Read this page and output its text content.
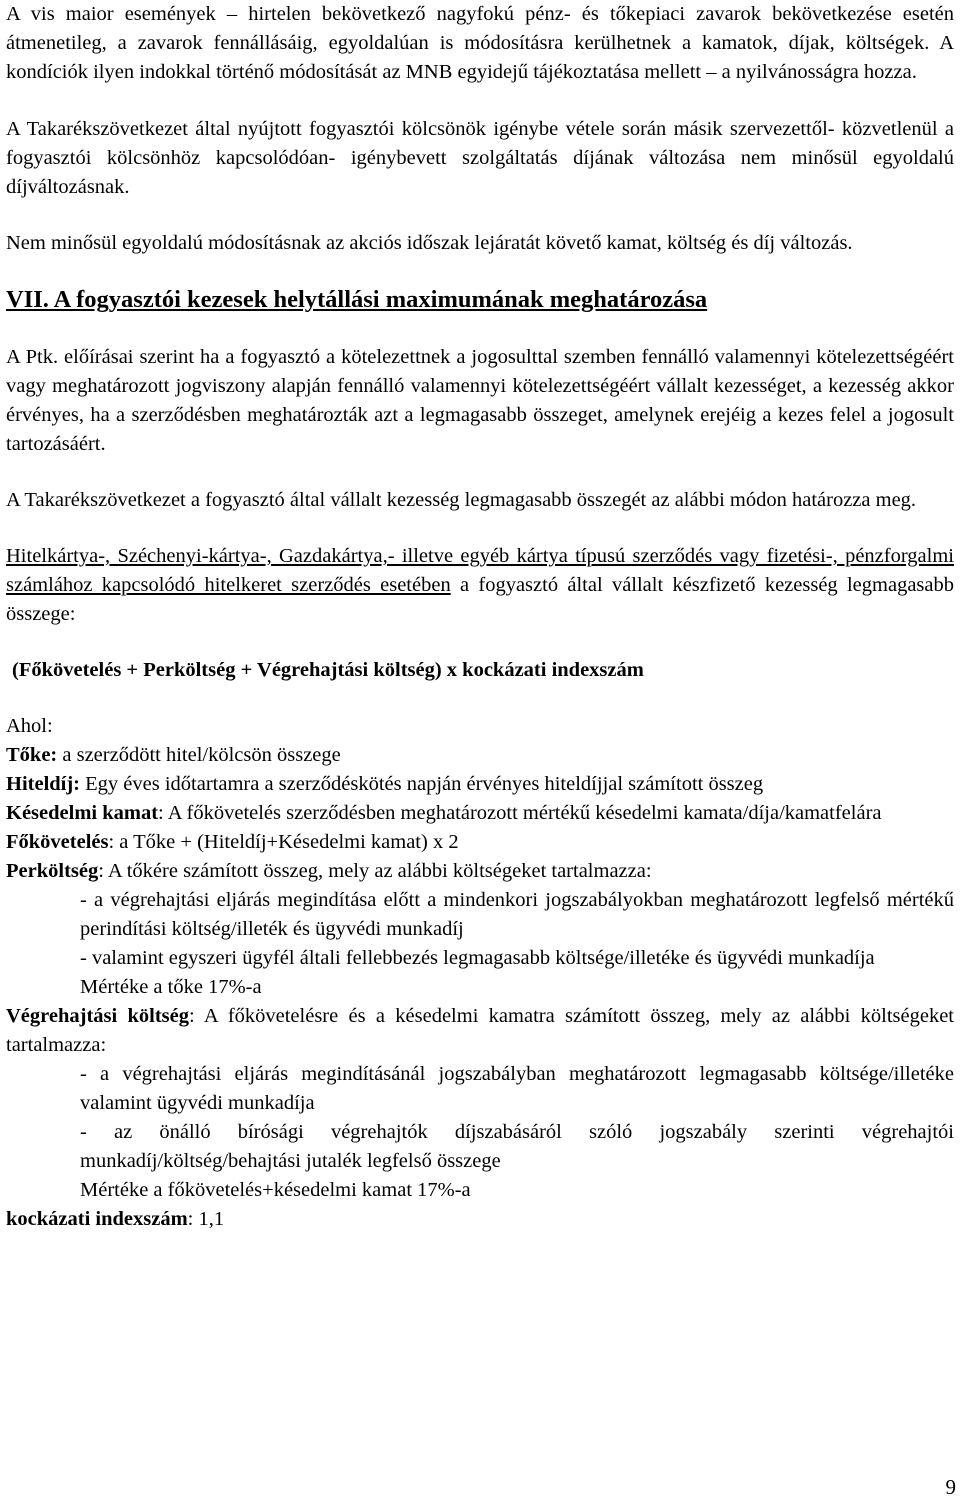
A vis maior események – hirtelen bekövetkező nagyfokú pénz- és tőkepiaci zavarok bekövetkezése esetén átmenetileg, a zavarok fennállásáig, egyoldalúan is módosításra kerülhetnek a kamatok, díjak, költségek. A kondíciók ilyen indokkal történő módosítását az MNB egyidejű tájékoztatása mellett – a nyilvánosságra hozza.

A Takarékszövetkezet által nyújtott fogyasztói kölcsönök igénybe vétele során másik szervezettől- közvetlenül a fogyasztói kölcsönhöz kapcsolódóan- igénybevett szolgáltatás díjának változása nem minősül egyoldalú díjváltozásnak.

Nem minősül egyoldalú módosításnak az akciós időszak lejáratát követő kamat, költség és díj változás.

VII. A fogyasztói kezesek helytállási maximumának meghatározása

A Ptk. előírásai szerint ha a fogyasztó a kötelezettnek a jogosulttal szemben fennálló valamennyi kötelezettségéért vagy meghatározott jogviszony alapján fennálló valamennyi kötelezettségéért vállalt kezességet, a kezesség akkor érvényes, ha a szerződésben meghatározták azt a legmagasabb összeget, amelynek erejéig a kezes felel a jogosult tartozásáért.

A Takarékszövetkezet a fogyasztó által vállalt kezesség legmagasabb összegét az alábbi módon határozza meg.

Hitelkártya-, Széchenyi-kártya-, Gazdakártya,- illetve egyéb kártya típusú szerződés vagy fizetési-, pénzforgalmi számlához kapcsolódó hitelkeret szerződés esetében a fogyasztó által vállalt készfizető kezesség legmagasabb összege:

(Főkövetelés + Perköltség + Végrehajtási költség) x kockázati indexszám

Ahol:

Tőke: a szerződött hitel/kölcsön összege

Hiteldíj: Egy éves időtartamra a szerződéskötés napján érvényes hiteldíjjal számított összeg

Késedelmi kamat: A főkövetelés szerződésben meghatározott mértékű késedelmi kamata/díja/kamatfelára

Főkövetelés: a Tőke + (Hiteldíj+Késedelmi kamat) x 2

Perköltség: A tőkére számított összeg, mely az alábbi költségeket tartalmazza:

- a végrehajtási eljárás megindítása előtt a mindenkori jogszabályokban meghatározott legfelső mértékű perindítási költség/illeték és ügyvédi munkadíj

- valamint egyszeri ügyfél általi fellebbezés legmagasabb költsége/illetéke és ügyvédi munkadíja

Mértéke a tőke 17%-a

Végrehajtási költség: A főkövetelésre és a késedelmi kamatra számított összeg, mely az alábbi költségeket tartalmazza:

- a végrehajtási eljárás megindításánál jogszabályban meghatározott legmagasabb költsége/illetéke valamint ügyvédi munkadíja

- az önálló bírósági végrehajtók díjszabásáról szóló jogszabály szerinti végrehajtói munkadíj/költség/behajtási jutalék legfelső összege

Mértéke a főkövetelés+késedelmi kamat 17%-a

kockázati indexszám: 1,1

9
